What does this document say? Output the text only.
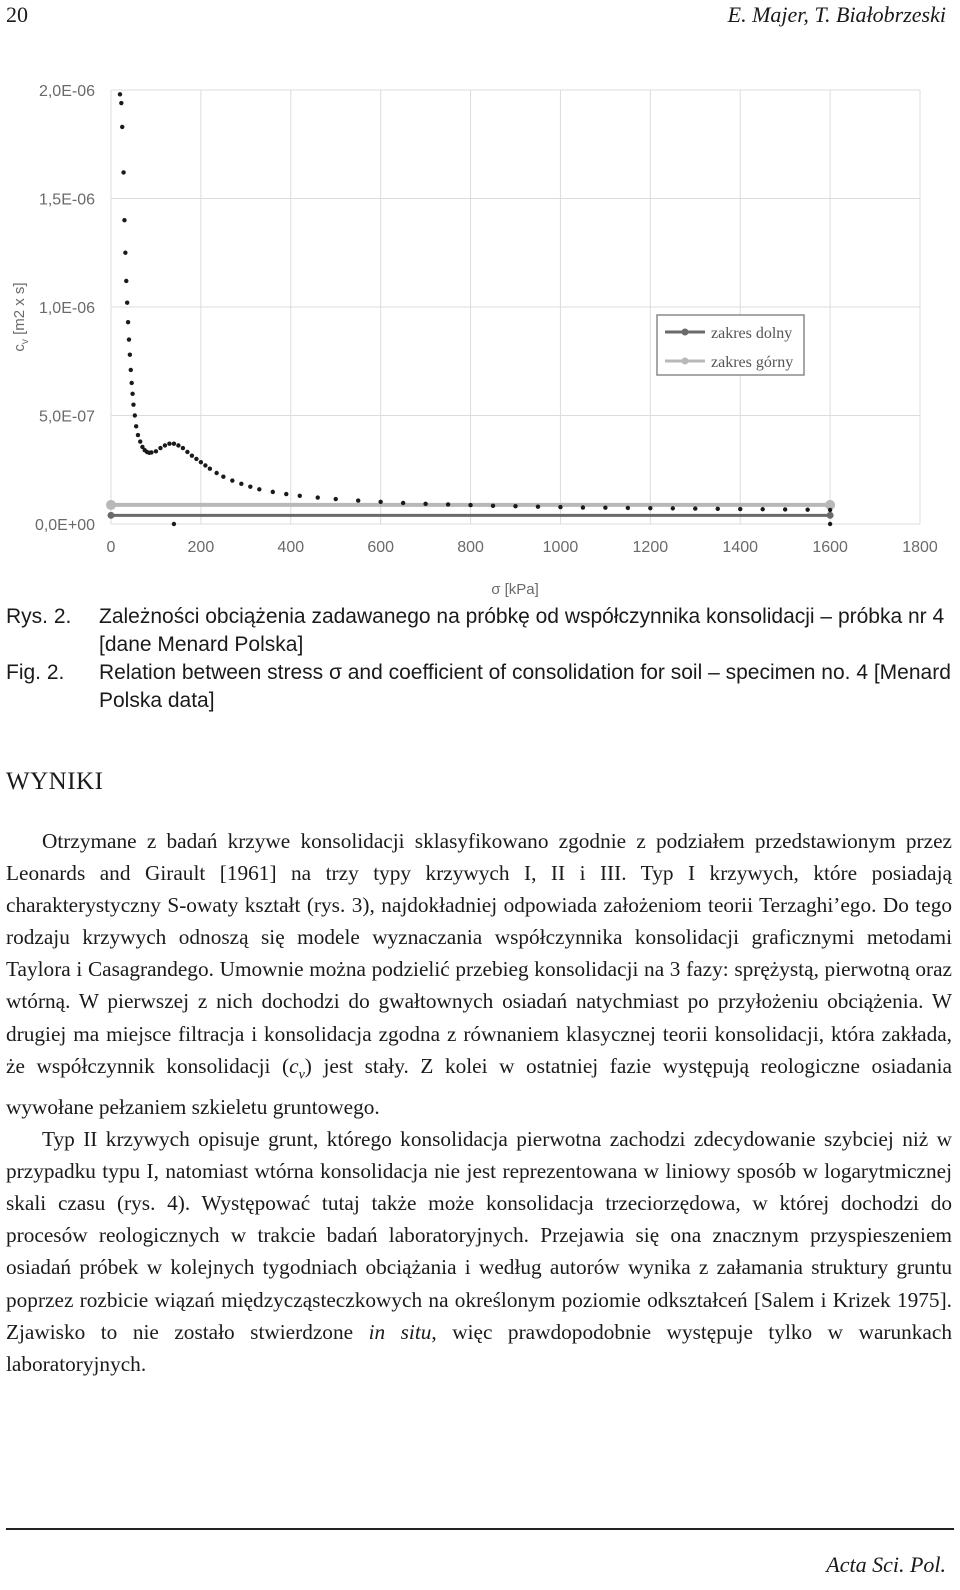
20	E. Majer, T. Białobrzeski
0	200	400	600	800	1000	1200	1400	1600	1800
0,0E+00
5,0E-07
1,0E-06
1,5E-06
2,0E-06
zakres dolny
zakres górny
σ [kPa]
$c_v$ [m2 x s]
Rys. 2. Zależności obciążenia zadawanego na próbkę od współczynnika konsolidacji – próbka nr 4 [dane Menard Polska]
Fig. 2. Relation between stress σ and coefficient of consolidation for soil – specimen no. 4 [Menard Polska data]
WYNIKI

Otrzymane z badań krzywe konsolidacji sklasyfikowano zgodnie z podziałem przedstawionym przez Leonards and Girault [1961] na trzy typy krzywych I, II i III. Typ I krzywych, które posiadają charakterystyczny S-owaty kształt (rys. 3), najdokładniej odpowiada założeniom teorii Terzaghi’ego. Do tego rodzaju krzywych odnoszą się modele wyznaczania współczynnika konsolidacji graficznymi metodami Taylora i Casagrandego. Umownie można podzielić przebieg konsolidacji na 3 fazy: sprężystą, pierwotną oraz wtórną. W pierwszej z nich dochodzi do gwałtownych osiadań natychmiast po przyłożeniu obciążenia. W drugiej ma miejsce filtracja i konsolidacja zgodna z równaniem klasycznej teorii konsolidacji, która zakłada, że współczynnik konsolidacji $(c_v)$ jest stały. Z kolei w ostatniej fazie występują reologiczne osiadania wywołane pełzaniem szkieletu gruntowego.

Typ II krzywych opisuje grunt, którego konsolidacja pierwotna zachodzi zdecydowanie szybciej niż w przypadku typu I, natomiast wtórna konsolidacja nie jest reprezentowana w liniowy sposób w logarytmicznej skali czasu (rys. 4). Występować tutaj także może konsolidacja trzeciorzędowa, w której dochodzi do procesów reologicznych w trakcie badań laboratoryjnych. Przejawia się ona znacznym przyspieszeniem osiadań próbek w kolejnych tygodniach obciążania i według autorów wynika z załamania struktury gruntu poprzez rozbicie wiązań międzycząsteczkowych na określonym poziomie odkształceń [Salem i Krizek 1975]. Zjawisko to nie zostało stwierdzone in situ, więc prawdopodobnie występuje tylko w warunkach laboratoryjnych.

Acta Sci. Pol.
